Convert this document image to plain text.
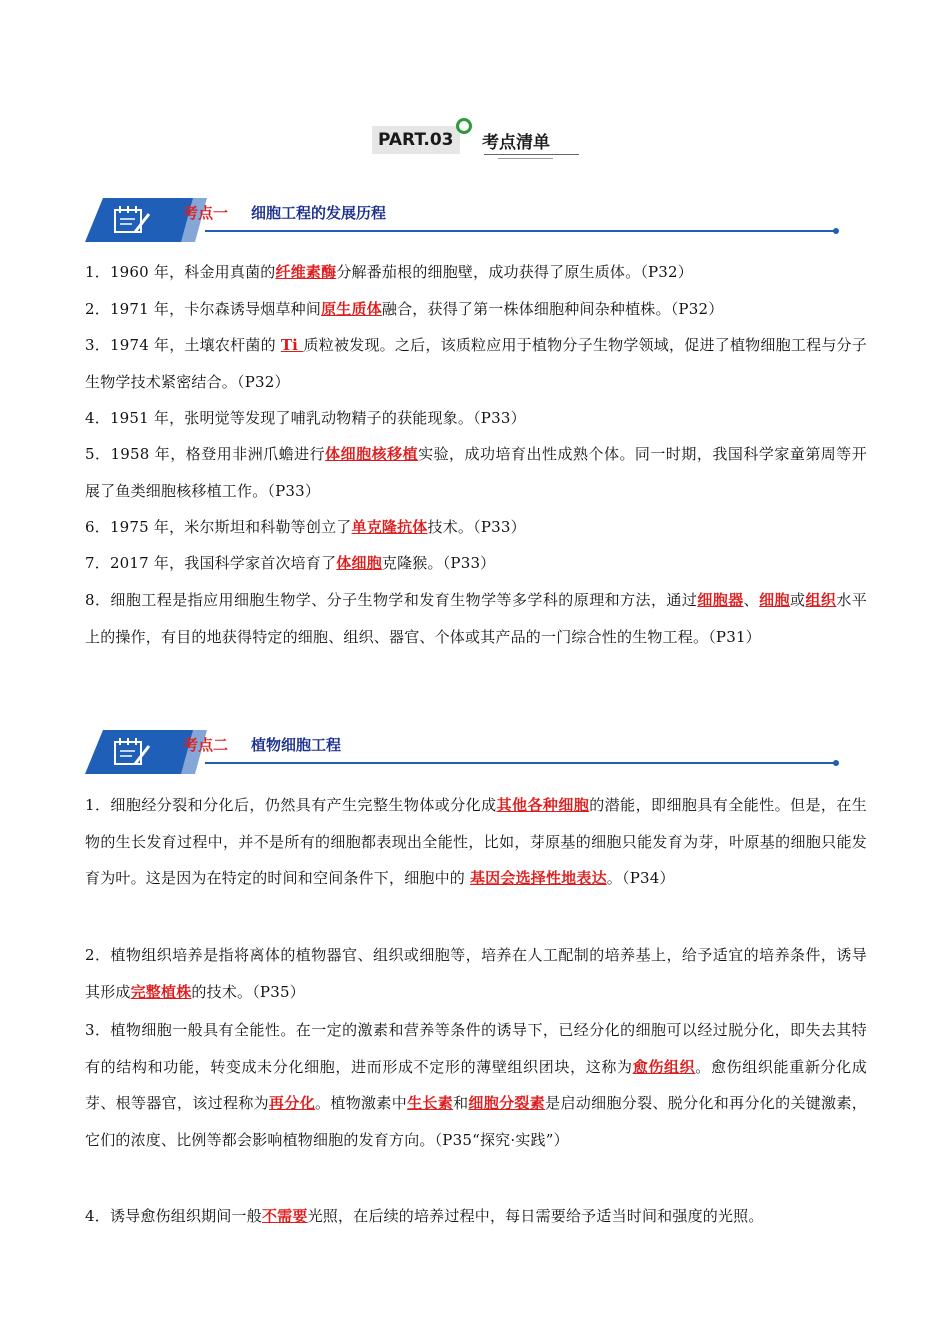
PART.03	考点清单
考点一 细胞工程的发展历程
1．1960 年，科金用真菌的纤维素酶分解番茄根的细胞壁，成功获得了原生质体。（P32）
2．1971 年，卡尔森诱导烟草种间原生质体融合，获得了第一株体细胞种间杂种植株。（P32）
3．1974 年，土壤农杆菌的 Ti 质粒被发现。之后，该质粒应用于植物分子生物学领域，促进了植物细胞工程与分子生物学技术紧密结合。（P32）
4．1951 年，张明觉等发现了哺乳动物精子的获能现象。（P33）
5．1958 年，格登用非洲爪蟾进行体细胞核移植实验，成功培育出性成熟个体。同一时期，我国科学家童第周等开展了鱼类细胞核移植工作。（P33）
6．1975 年，米尔斯坦和科勒等创立了单克隆抗体技术。（P33）
7．2017 年，我国科学家首次培育了体细胞克隆猴。（P33）
8．细胞工程是指应用细胞生物学、分子生物学和发育生物学等多学科的原理和方法，通过细胞器、细胞或组织水平上的操作，有目的地获得特定的细胞、组织、器官、个体或其产品的一门综合性的生物工程。（P31）
考点二 植物细胞工程
1．细胞经分裂和分化后，仍然具有产生完整生物体或分化成其他各种细胞的潜能，即细胞具有全能性。但是，在生物的生长发育过程中，并不是所有的细胞都表现出全能性，比如，芽原基的细胞只能发育为芽，叶原基的细胞只能发育为叶。这是因为在特定的时间和空间条件下，细胞中的 基因会选择性地表达。（P34）
2．植物组织培养是指将离体的植物器官、组织或细胞等，培养在人工配制的培养基上，给予适宜的培养条件，诱导其形成完整植株的技术。（P35）
3．植物细胞一般具有全能性。在一定的激素和营养等条件的诱导下，已经分化的细胞可以经过脱分化，即失去其特有的结构和功能，转变成未分化细胞，进而形成不定形的薄壁组织团块，这称为愈伤组织。愈伤组织能重新分化成芽、根等器官，该过程称为再分化。植物激素中生长素和细胞分裂素是启动细胞分裂、脱分化和再分化的关键激素，它们的浓度、比例等都会影响植物细胞的发育方向。（P35“探究·实践”）
4．诱导愈伤组织期间一般不需要光照，在后续的培养过程中，每日需要给予适当时间和强度的光照。
